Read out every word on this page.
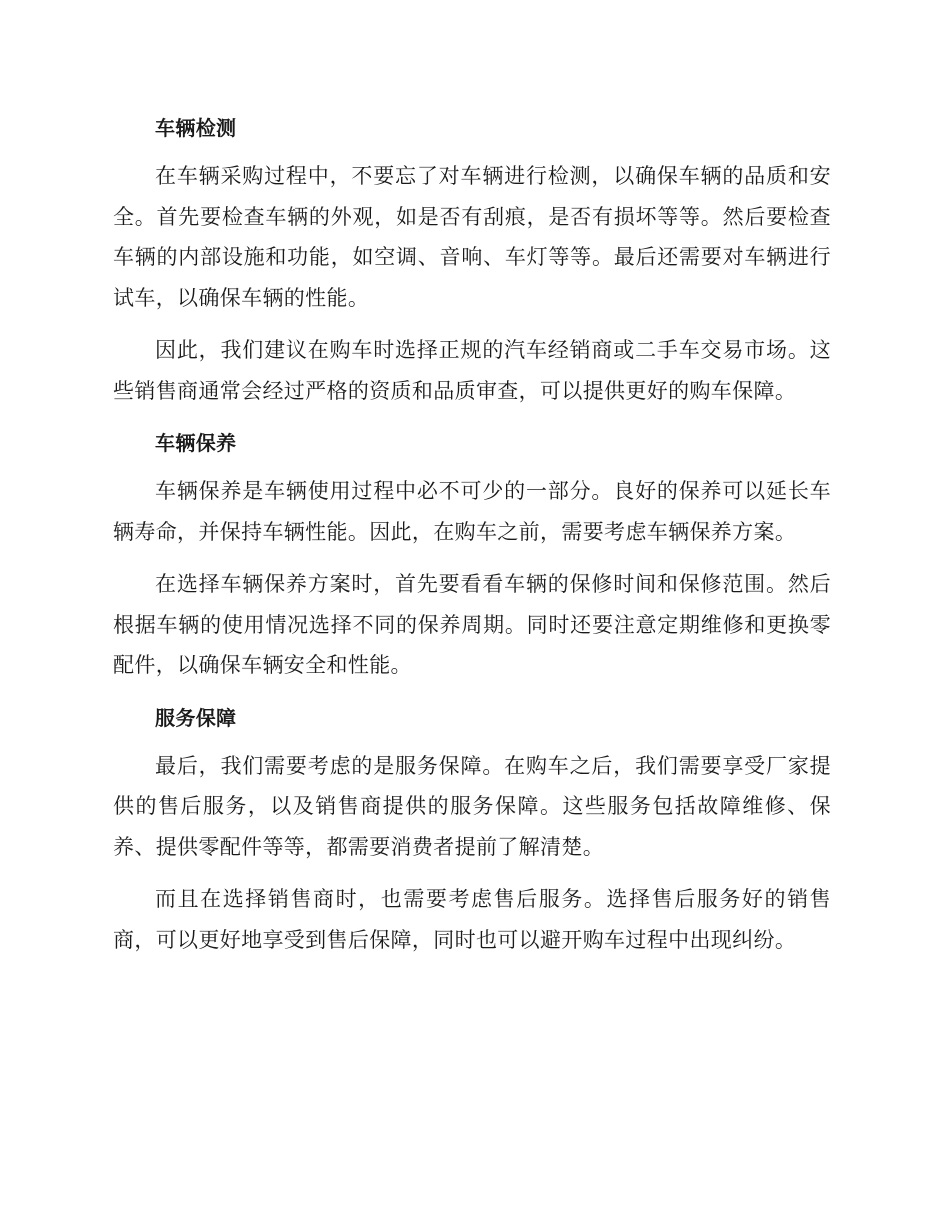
车辆检测

在车辆采购过程中，不要忘了对车辆进行检测，以确保车辆的品质和安全。首先要检查车辆的外观，如是否有刮痕，是否有损坏等等。然后要检查车辆的内部设施和功能，如空调、音响、车灯等等。最后还需要对车辆进行试车，以确保车辆的性能。

因此，我们建议在购车时选择正规的汽车经销商或二手车交易市场。这些销售商通常会经过严格的资质和品质审查，可以提供更好的购车保障。

车辆保养

车辆保养是车辆使用过程中必不可少的一部分。良好的保养可以延长车辆寿命，并保持车辆性能。因此，在购车之前，需要考虑车辆保养方案。

在选择车辆保养方案时，首先要看看车辆的保修时间和保修范围。然后根据车辆的使用情况选择不同的保养周期。同时还要注意定期维修和更换零配件，以确保车辆安全和性能。

服务保障

最后，我们需要考虑的是服务保障。在购车之后，我们需要享受厂家提供的售后服务，以及销售商提供的服务保障。这些服务包括故障维修、保养、提供零配件等等，都需要消费者提前了解清楚。

而且在选择销售商时，也需要考虑售后服务。选择售后服务好的销售商，可以更好地享受到售后保障，同时也可以避开购车过程中出现纠纷。
